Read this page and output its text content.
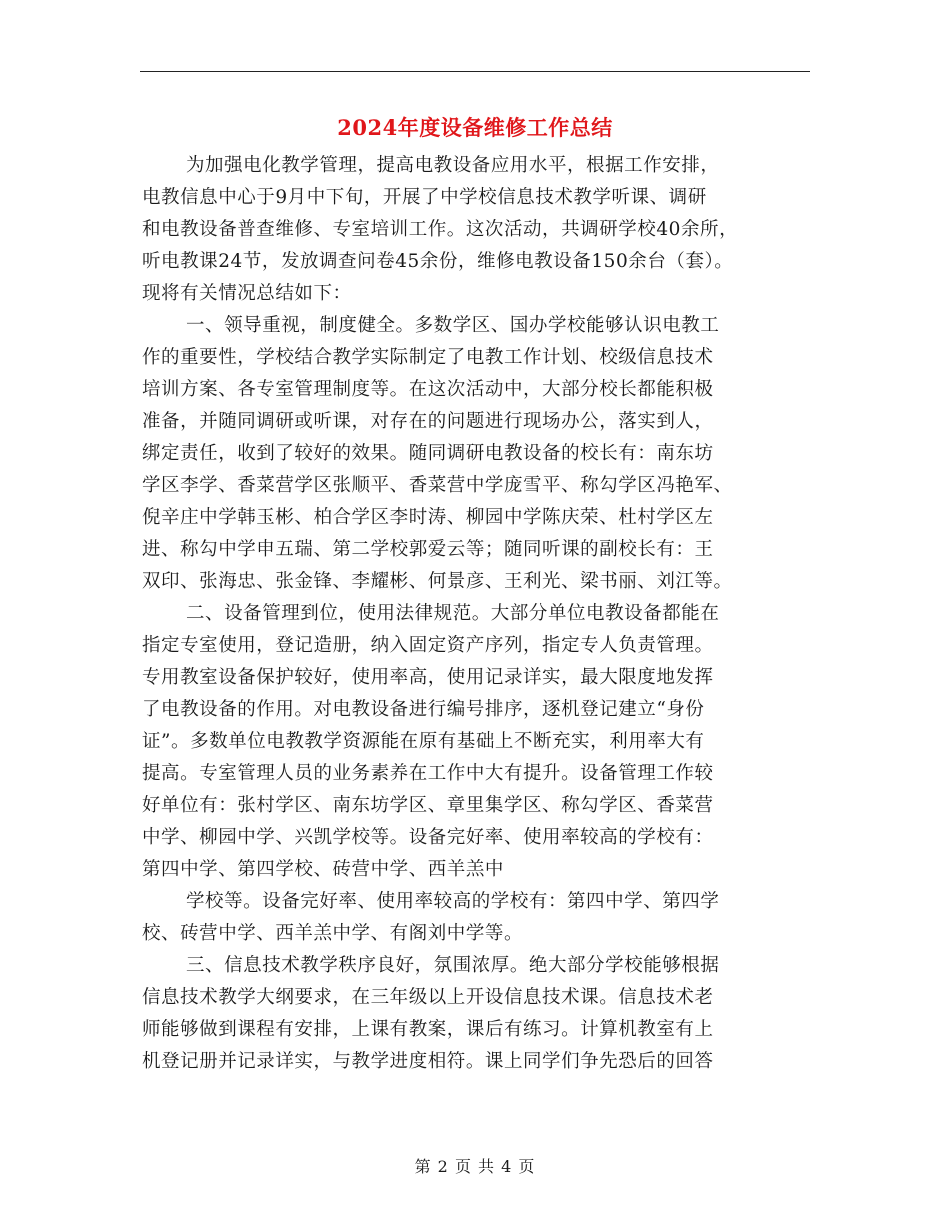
2024年度设备维修工作总结
为加强电化教学管理，提高电教设备应用水平，根据工作安排，
电教信息中心于9月中下旬，开展了中学校信息技术教学听课、调研
和电教设备普查维修、专室培训工作。这次活动，共调研学校40余所，
听电教课24节，发放调查问卷45余份，维修电教设备150余台（套）。
现将有关情况总结如下：
一、领导重视，制度健全。多数学区、国办学校能够认识电教工
作的重要性，学校结合教学实际制定了电教工作计划、校级信息技术
培训方案、各专室管理制度等。在这次活动中，大部分校长都能积极
准备，并随同调研或听课，对存在的问题进行现场办公，落实到人，
绑定责任，收到了较好的效果。随同调研电教设备的校长有：南东坊
学区李学、香菜营学区张顺平、香菜营中学庞雪平、称勾学区冯艳军、
倪辛庄中学韩玉彬、柏合学区李时涛、柳园中学陈庆荣、杜村学区左
进、称勾中学申五瑞、第二学校郭爱云等；随同听课的副校长有：王
双印、张海忠、张金锋、李耀彬、何景彦、王利光、梁书丽、刘江等。
二、设备管理到位，使用法律规范。大部分单位电教设备都能在
指定专室使用，登记造册，纳入固定资产序列，指定专人负责管理。
专用教室设备保护较好，使用率高，使用记录详实，最大限度地发挥
了电教设备的作用。对电教设备进行编号排序，逐机登记建立“身份
证”。多数单位电教教学资源能在原有基础上不断充实，利用率大有
提高。专室管理人员的业务素养在工作中大有提升。设备管理工作较
好单位有：张村学区、南东坊学区、章里集学区、称勾学区、香菜营
中学、柳园中学、兴凯学校等。设备完好率、使用率较高的学校有：
第四中学、第四学校、砖营中学、西羊羔中
学校等。设备完好率、使用率较高的学校有：第四中学、第四学
校、砖营中学、西羊羔中学、有阁刘中学等。
三、信息技术教学秩序良好，氛围浓厚。绝大部分学校能够根据
信息技术教学大纲要求，在三年级以上开设信息技术课。信息技术老
师能够做到课程有安排，上课有教案，课后有练习。计算机教室有上
机登记册并记录详实，与教学进度相符。课上同学们争先恐后的回答
第 2 页 共 4 页
